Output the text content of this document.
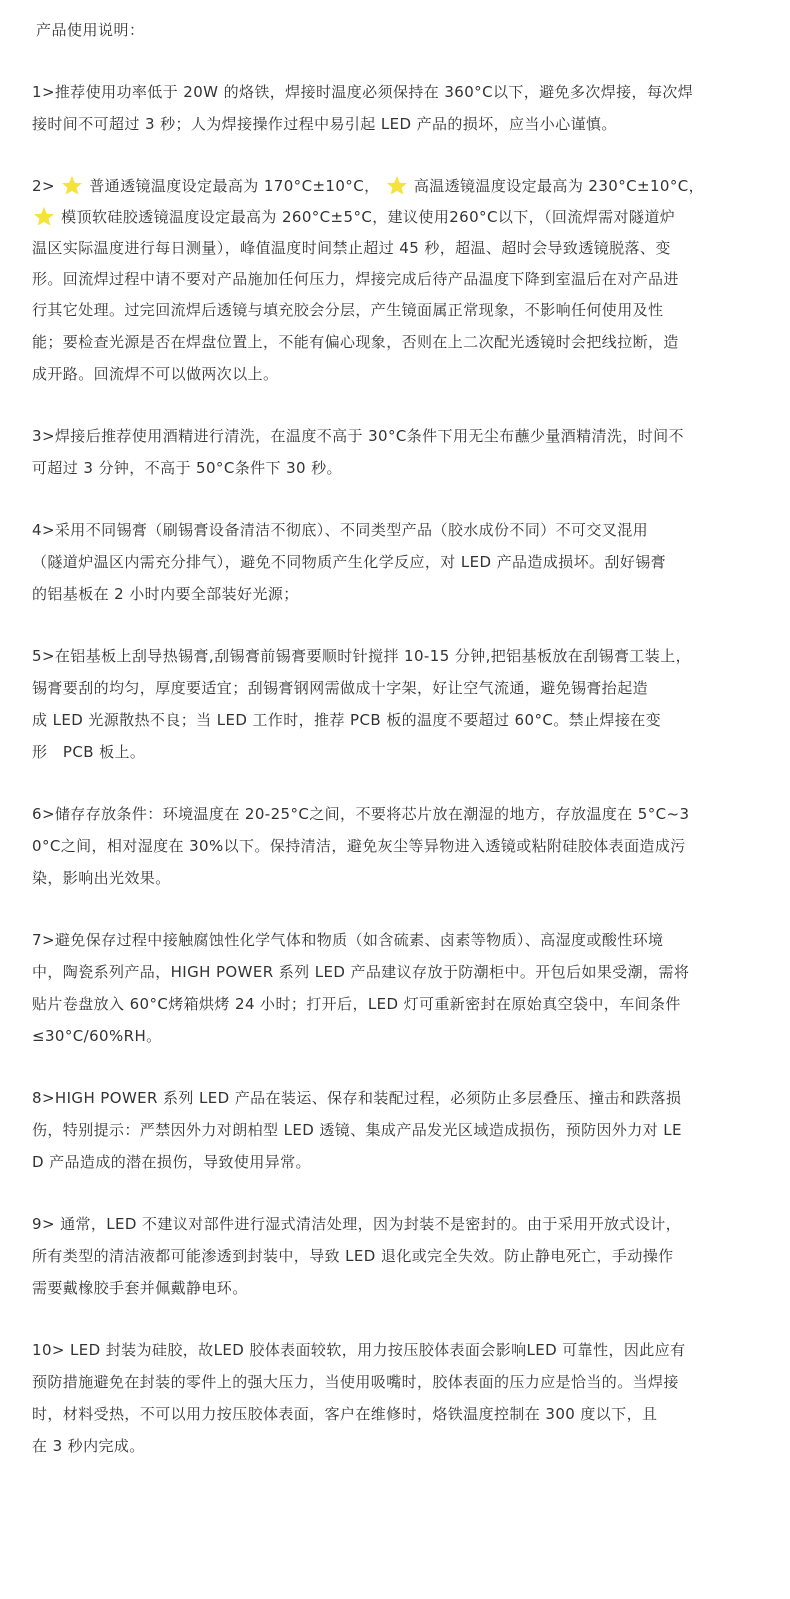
产品使用说明：
1>推荐使用功率低于 20W 的烙铁，焊接时温度必须保持在 360°C以下，避免多次焊接，每次焊
接时间不可超过 3 秒；人为焊接操作过程中易引起 LED 产品的损坏，应当小心谨慎。
2> 普通透镜温度设定最高为 170°C±10°C， 高温透镜温度设定最高为 230°C±10°C，
模顶软硅胶透镜温度设定最高为 260°C±5°C，建议使用260°C以下，（回流焊需对隧道炉
温区实际温度进行每日测量），峰值温度时间禁止超过 45 秒，超温、超时会导致透镜脱落、变
形。回流焊过程中请不要对产品施加任何压力，焊接完成后待产品温度下降到室温后在对产品进
行其它处理。过完回流焊后透镜与填充胶会分层，产生镜面属正常现象，不影响任何使用及性
能；要检查光源是否在焊盘位置上，不能有偏心现象，否则在上二次配光透镜时会把线拉断，造
成开路。回流焊不可以做两次以上。
3>焊接后推荐使用酒精进行清洗，在温度不高于 30°C条件下用无尘布蘸少量酒精清洗，时间不
可超过 3 分钟，不高于 50°C条件下 30 秒。
4>采用不同锡膏（刷锡膏设备清洁不彻底）、不同类型产品（胶水成份不同）不可交叉混用
（隧道炉温区内需充分排气），避免不同物质产生化学反应，对 LED 产品造成损坏。刮好锡膏
的铝基板在 2 小时内要全部装好光源；
5>在铝基板上刮导热锡膏,刮锡膏前锡膏要顺时针搅拌 10-15 分钟,把铝基板放在刮锡膏工装上，
锡膏要刮的均匀，厚度要适宜；刮锡膏钢网需做成十字架，好让空气流通，避免锡膏抬起造
成 LED 光源散热不良；当 LED 工作时，推荐 PCB 板的温度不要超过 60°C。禁止焊接在变
形   PCB 板上。
6>储存存放条件：环境温度在 20-25°C之间，不要将芯片放在潮湿的地方，存放温度在 5°C~3
0°C之间，相对湿度在 30%以下。保持清洁，避免灰尘等异物进入透镜或粘附硅胶体表面造成污
染，影响出光效果。
7>避免保存过程中接触腐蚀性化学气体和物质（如含硫素、卤素等物质）、高湿度或酸性环境
中，陶瓷系列产品，HIGH POWER 系列 LED 产品建议存放于防潮柜中。开包后如果受潮，需将
贴片卷盘放入 60°C烤箱烘烤 24 小时；打开后，LED 灯可重新密封在原始真空袋中，车间条件
≤30°C/60%RH。
8>HIGH POWER 系列 LED 产品在装运、保存和装配过程，必须防止多层叠压、撞击和跌落损
伤，特别提示：严禁因外力对朗柏型 LED 透镜、集成产品发光区域造成损伤，预防因外力对 LE
D 产品造成的潜在损伤，导致使用异常。
9> 通常，LED 不建议对部件进行湿式清洁处理，因为封装不是密封的。由于采用开放式设计，
所有类型的清洁液都可能渗透到封装中，导致 LED 退化或完全失效。防止静电死亡，手动操作
需要戴橡胶手套并佩戴静电环。
10> LED 封装为硅胶，故LED 胶体表面较软，用力按压胶体表面会影响LED 可靠性，因此应有
预防措施避免在封装的零件上的强大压力，当使用吸嘴时，胶体表面的压力应是恰当的。当焊接
时，材料受热，不可以用力按压胶体表面，客户在维修时，烙铁温度控制在 300 度以下，且
在 3 秒内完成。
